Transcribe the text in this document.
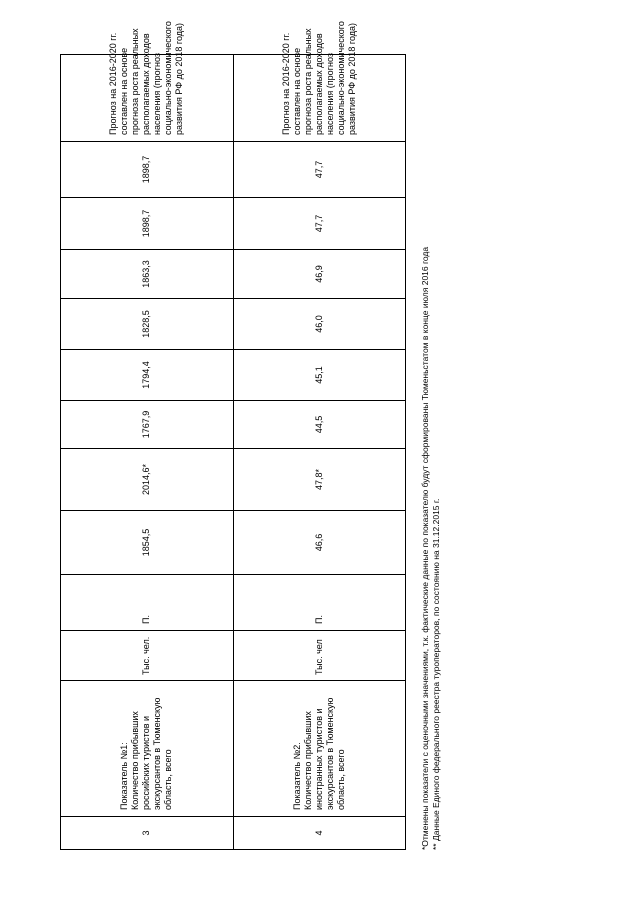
3	Показатель №1: Количество прибывших российских туристов и экскурсантов в Тюменскую область, всего	Тыс. чел.	П.	1854,5	2014,6*	1767,9	1794,4	1828,5	1863,3	1898,7	1898,7	Прогноз на 2016-2020 гг. составлен на основе прогноза роста реальных располагаемых доходов населения (прогноз социально-экономического развития РФ до 2018 года)

4	Показатель №2. Количество прибывших иностранных туристов и экскурсантов в Тюменскую область, всего	Тыс. чел	П.	46,6	47,8*	44,5	45,1	46,0	46,9	47,7	47,7	Прогноз на 2016-2020 гг. составлен на основе прогноза роста реальных располагаемых доходов населения (прогноз социально-экономического развития РФ до 2018 года)
*Отменены показатели с оценочными значениями, т.к. фактические данные по показателю будут сформированы Тюменьстатом в конце июля 2016 года ** Данные Единого федерального реестра туроператоров, по состоянию на 31.12.2015 г.
